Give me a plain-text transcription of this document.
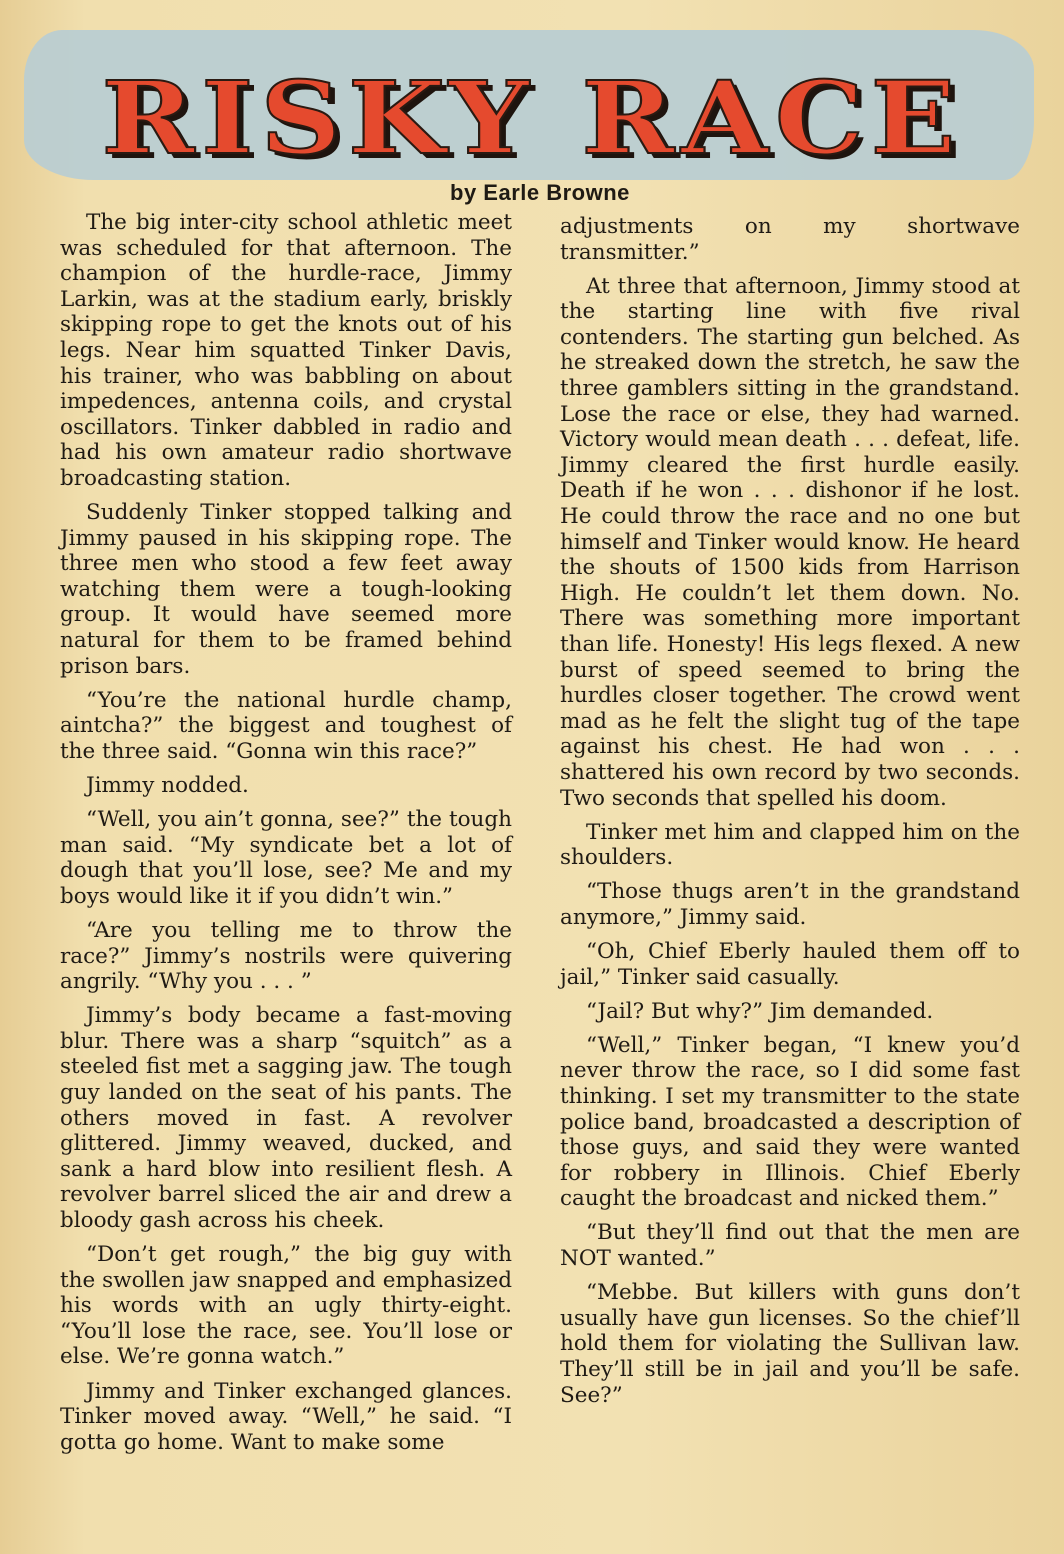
RISKY RACE
by Earle Browne

The big inter-city school athletic meet was scheduled for that afternoon. The champion of the hurdle-race, Jimmy Larkin, was at the stadium early, briskly skipping rope to get the knots out of his legs. Near him squatted Tinker Davis, his trainer, who was babbling on about impedences, antenna coils, and crystal oscillators. Tinker dabbled in radio and had his own amateur radio shortwave broadcasting station.

Suddenly Tinker stopped talking and Jimmy paused in his skipping rope. The three men who stood a few feet away watching them were a tough-looking group. It would have seemed more natural for them to be framed behind prison bars.

“You’re the national hurdle champ, aintcha?” the biggest and toughest of the three said. “Gonna win this race?”

Jimmy nodded.

“Well, you ain’t gonna, see?” the tough man said. “My syndicate bet a lot of dough that you’ll lose, see? Me and my boys would like it if you didn’t win.”

“Are you telling me to throw the race?” Jimmy’s nostrils were quivering angrily. “Why you . . . ”

Jimmy’s body became a fast-moving blur. There was a sharp “squitch” as a steeled fist met a sagging jaw. The tough guy landed on the seat of his pants. The others moved in fast. A revolver glittered. Jimmy weaved, ducked, and sank a hard blow into resilient flesh. A revolver barrel sliced the air and drew a bloody gash across his cheek.

“Don’t get rough,” the big guy with the swollen jaw snapped and emphasized his words with an ugly thirty-eight. “You’ll lose the race, see. You’ll lose or else. We’re gonna watch.”

Jimmy and Tinker exchanged glances. Tinker moved away. “Well,” he said. “I gotta go home. Want to make some

adjustments on my shortwave transmitter.”

At three that afternoon, Jimmy stood at the starting line with five rival contenders. The starting gun belched. As he streaked down the stretch, he saw the three gamblers sitting in the grandstand. Lose the race or else, they had warned. Victory would mean death . . . defeat, life. Jimmy cleared the first hurdle easily. Death if he won . . . dishonor if he lost. He could throw the race and no one but himself and Tinker would know. He heard the shouts of 1500 kids from Harrison High. He couldn’t let them down. No. There was something more important than life. Honesty! His legs flexed. A new burst of speed seemed to bring the hurdles closer together. The crowd went mad as he felt the slight tug of the tape against his chest. He had won . . . shattered his own record by two seconds. Two seconds that spelled his doom.

Tinker met him and clapped him on the shoulders.

“Those thugs aren’t in the grandstand anymore,” Jimmy said.

“Oh, Chief Eberly hauled them off to jail,” Tinker said casually.

“Jail? But why?” Jim demanded.

“Well,” Tinker began, “I knew you’d never throw the race, so I did some fast thinking. I set my transmitter to the state police band, broadcasted a description of those guys, and said they were wanted for robbery in Illinois. Chief Eberly caught the broadcast and nicked them.”

“But they’ll find out that the men are NOT wanted.”

“Mebbe. But killers with guns don’t usually have gun licenses. So the chief’ll hold them for violating the Sullivan law. They’ll still be in jail and you’ll be safe. See?”
